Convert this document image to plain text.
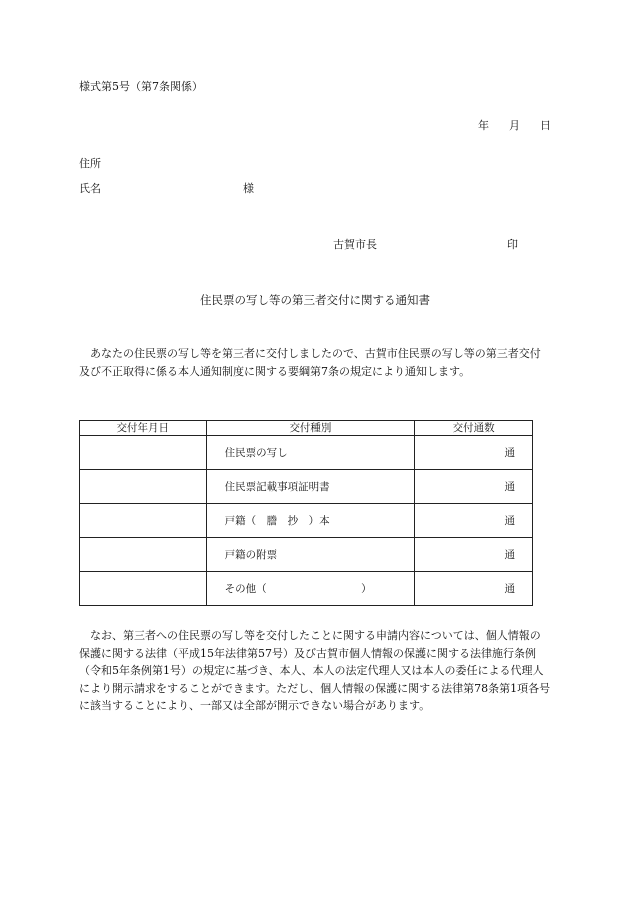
様式第5号（第7条関係）
年 月 日
住所
氏名	様
古賀市長	印
住民票の写し等の第三者交付に関する通知書
あなたの住民票の写し等を第三者に交付しましたので、古賀市住民票の写し等の第三者交付及び不正取得に係る本人通知制度に関する要綱第7条の規定により通知します。
交付年月日	交付種別	交付通数
	住民票の写し	通
	住民票記載事項証明書	通
	戸籍（　謄　抄　）本	通
	戸籍の附票	通
	その他（　　　　　　　　　）	通
なお、第三者への住民票の写し等を交付したことに関する申請内容については、個人情報の保護に関する法律（平成15年法律第57号）及び古賀市個人情報の保護に関する法律施行条例（令和5年条例第1号）の規定に基づき、本人、本人の法定代理人又は本人の委任による代理人により開示請求をすることができます。ただし、個人情報の保護に関する法律第78条第1項各号に該当することにより、一部又は全部が開示できない場合があります。
